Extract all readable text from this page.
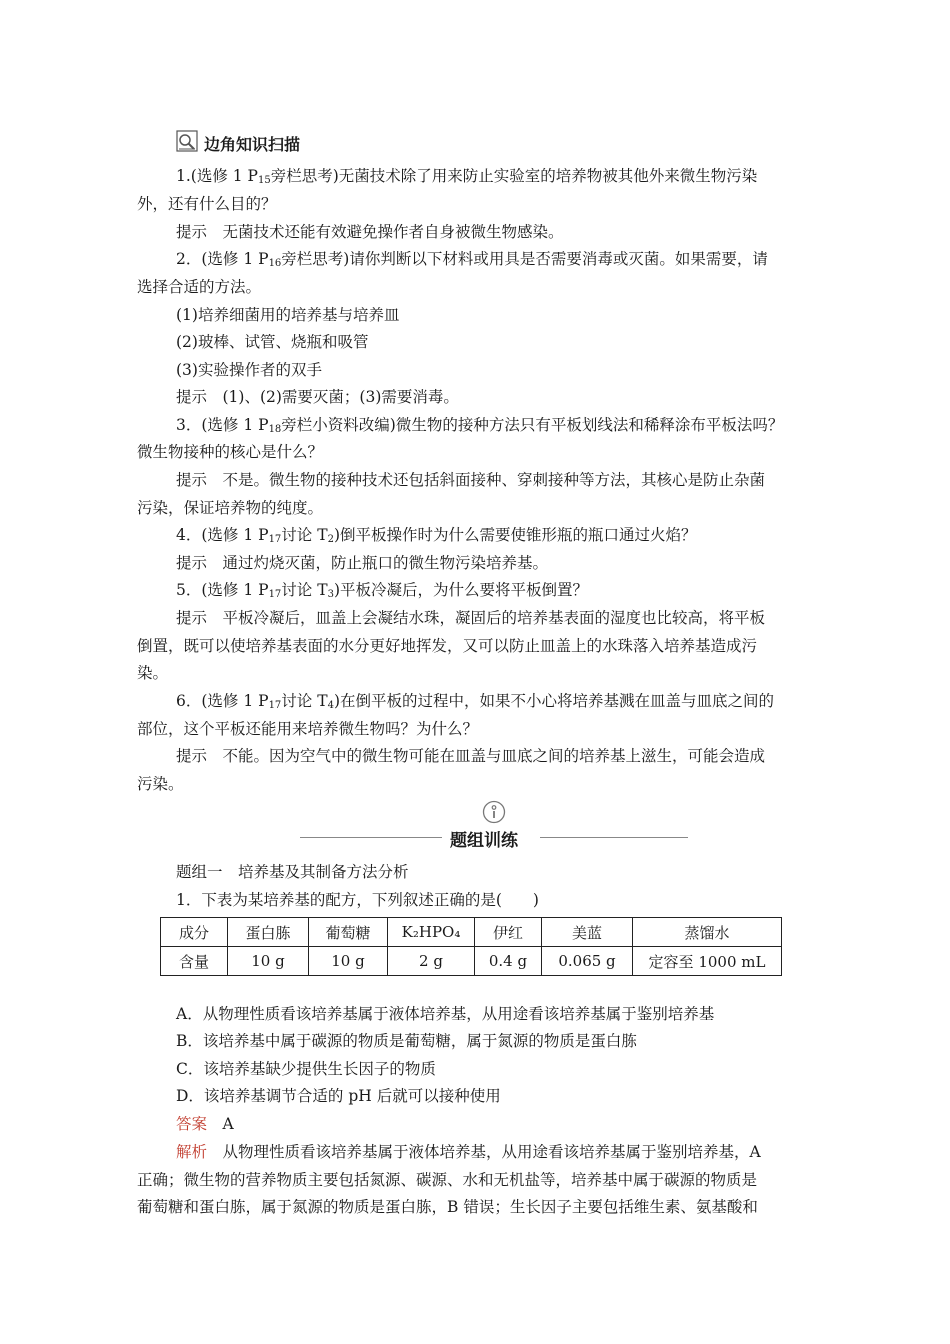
边角知识扫描
1.(选修 1 $P_{15}$旁栏思考)无菌技术除了用来防止实验室的培养物被其他外来微生物污染
外，还有什么目的？
提示　无菌技术还能有效避免操作者自身被微生物感染。
2．(选修 1 $P_{16}$旁栏思考)请你判断以下材料或用具是否需要消毒或灭菌。如果需要，请
选择合适的方法。
(1)培养细菌用的培养基与培养皿
(2)玻棒、试管、烧瓶和吸管
(3)实验操作者的双手
提示　(1)、(2)需要灭菌；(3)需要消毒。
3．(选修 1 $P_{18}$旁栏小资料改编)微生物的接种方法只有平板划线法和稀释涂布平板法吗？
微生物接种的核心是什么？
提示　不是。微生物的接种技术还包括斜面接种、穿刺接种等方法，其核心是防止杂菌
污染，保证培养物的纯度。
4．(选修 1 $P_{17}$讨论 $T_2$)倒平板操作时为什么需要使锥形瓶的瓶口通过火焰？
提示　通过灼烧灭菌，防止瓶口的微生物污染培养基。
5．(选修 1 $P_{17}$讨论 $T_3$)平板冷凝后，为什么要将平板倒置？
提示　平板冷凝后，皿盖上会凝结水珠，凝固后的培养基表面的湿度也比较高，将平板
倒置，既可以使培养基表面的水分更好地挥发，又可以防止皿盖上的水珠落入培养基造成污
染。
6．(选修 1 $P_{17}$讨论 $T_4$)在倒平板的过程中，如果不小心将培养基溅在皿盖与皿底之间的
部位，这个平板还能用来培养微生物吗？为什么？
提示　不能。因为空气中的微生物可能在皿盖与皿底之间的培养基上滋生，可能会造成
污染。
题组训练
题组一　培养基及其制备方法分析
1．下表为某培养基的配方，下列叙述正确的是(　　)
成分	蛋白胨	葡萄糖	K₂HPO₄	伊红	美蓝	蒸馏水
含量	10 g	10 g	2 g	0.4 g	0.065 g	定容至 1000 mL
A．从物理性质看该培养基属于液体培养基，从用途看该培养基属于鉴别培养基
B．该培养基中属于碳源的物质是葡萄糖，属于氮源的物质是蛋白胨
C．该培养基缺少提供生长因子的物质
D．该培养基调节合适的 pH 后就可以接种使用
答案　 A
解析　 从物理性质看该培养基属于液体培养基，从用途看该培养基属于鉴别培养基，A
正确；微生物的营养物质主要包括氮源、碳源、水和无机盐等，培养基中属于碳源的物质是
葡萄糖和蛋白胨，属于氮源的物质是蛋白胨，B 错误；生长因子主要包括维生素、氨基酸和
